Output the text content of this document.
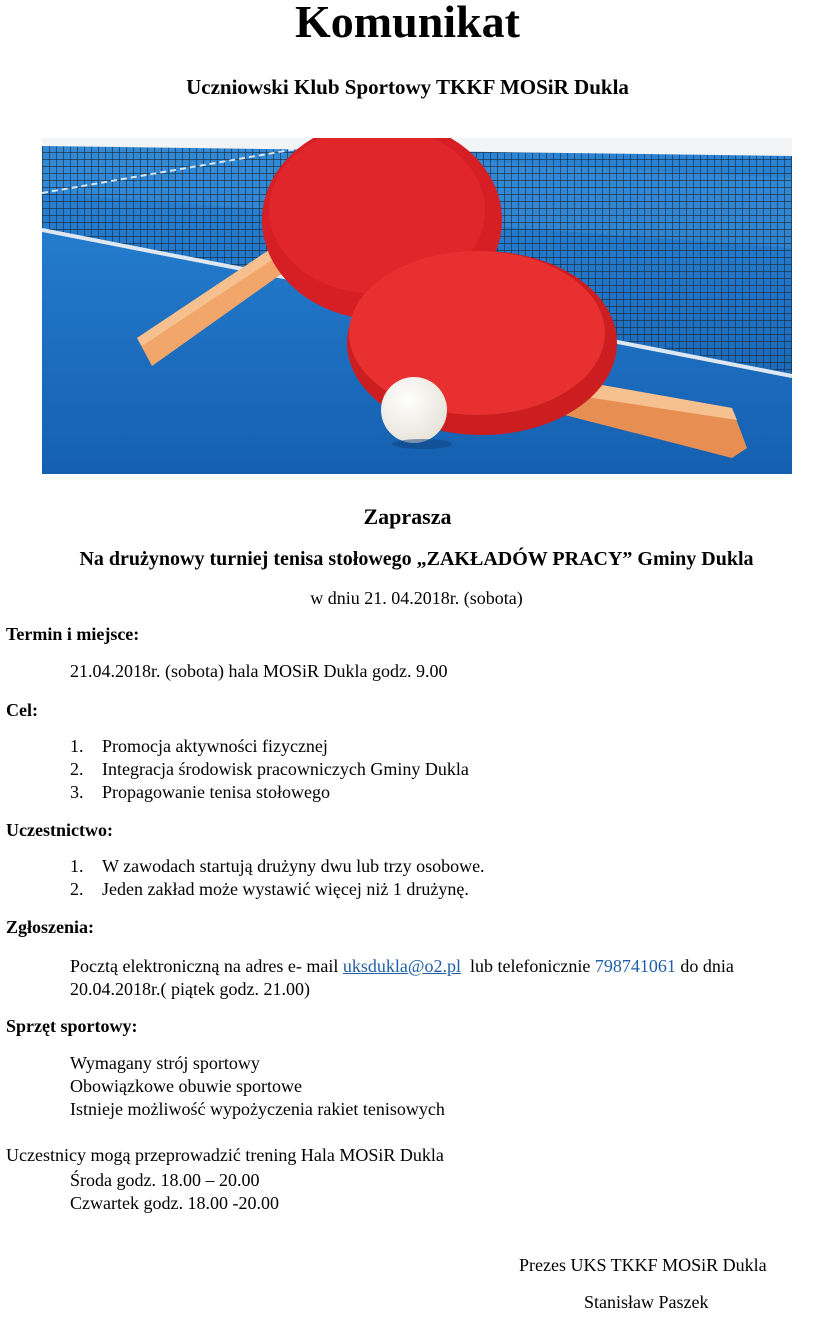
Komunikat
Uczniowski Klub Sportowy TKKF MOSiR Dukla
Zaprasza
Na drużynowy turniej tenisa stołowego „ZAKŁADÓW PRACY” Gminy Dukla
w dniu 21. 04.2018r. (sobota)
Termin i miejsce:
21.04.2018r. (sobota) hala MOSiR Dukla godz. 9.00
Cel:
1. Promocja aktywności fizycznej
2. Integracja środowisk pracowniczych Gminy Dukla
3. Propagowanie tenisa stołowego
Uczestnictwo:
1. W zawodach startują drużyny dwu lub trzy osobowe.
2. Jeden zakład może wystawić więcej niż 1 drużynę.
Zgłoszenia:
Pocztą elektroniczną na adres e- mail uksdukla@o2.pl  lub telefonicznie 798741061 do dnia
20.04.2018r.( piątek godz. 21.00)
Sprzęt sportowy:
Wymagany strój sportowy
Obowiązkowe obuwie sportowe
Istnieje możliwość wypożyczenia rakiet tenisowych
Uczestnicy mogą przeprowadzić trening Hala MOSiR Dukla
Środa godz. 18.00 – 20.00
Czwartek godz. 18.00 -20.00
Prezes UKS TKKF MOSiR Dukla
Stanisław Paszek
